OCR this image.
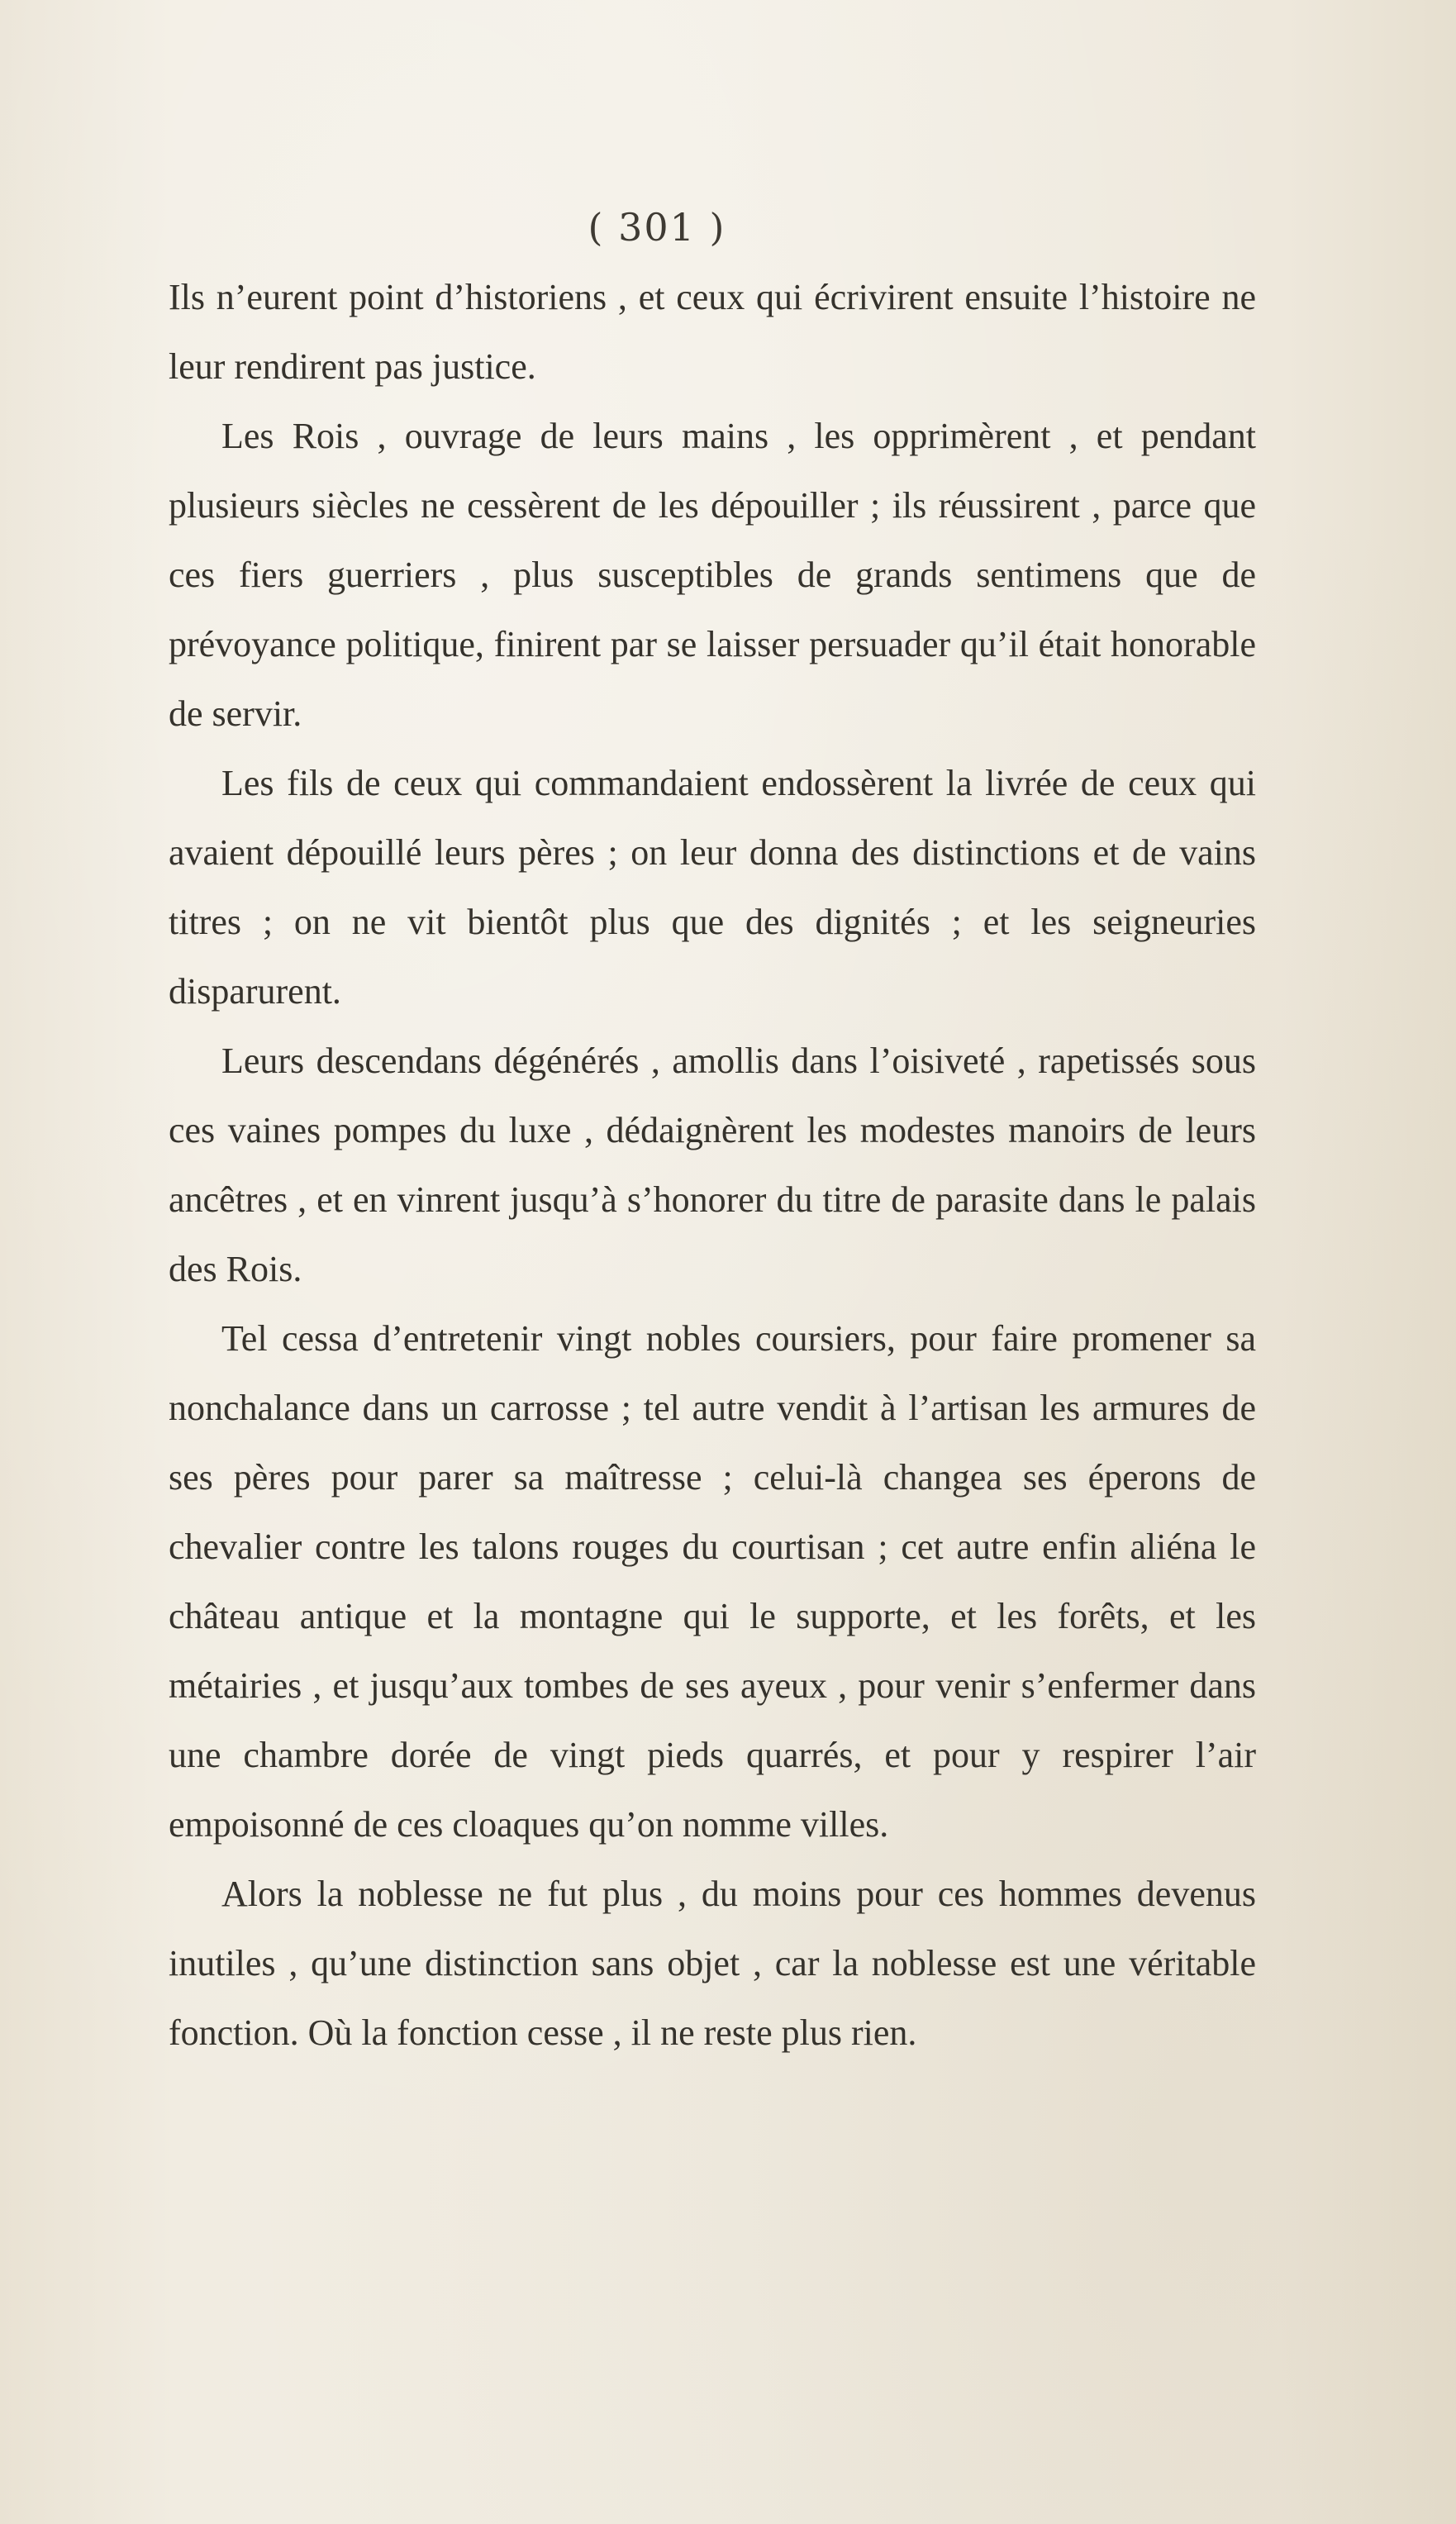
( 301 )

Ils n’eurent point d’historiens , et ceux qui écrivirent ensuite l’histoire ne leur rendirent pas justice.

Les Rois , ouvrage de leurs mains , les opprimèrent , et pendant plusieurs siècles ne cessèrent de les dépouiller ; ils réussirent , parce que ces fiers guerriers , plus susceptibles de grands sentimens que de prévoyance politique, finirent par se laisser persuader qu’il était honorable de servir.

Les fils de ceux qui commandaient endossèrent la livrée de ceux qui avaient dépouillé leurs pères ; on leur donna des distinctions et de vains titres ; on ne vit bientôt plus que des dignités ; et les seigneuries disparurent.

Leurs descendans dégénérés , amollis dans l’oisiveté , rapetissés sous ces vaines pompes du luxe , dédaignèrent les modestes manoirs de leurs ancêtres , et en vinrent jusqu’à s’honorer du titre de parasite dans le palais des Rois.

Tel cessa d’entretenir vingt nobles coursiers, pour faire promener sa nonchalance dans un carrosse ; tel autre vendit à l’artisan les armures de ses pères pour parer sa maîtresse ; celui-là changea ses éperons de chevalier contre les talons rouges du courtisan ; cet autre enfin aliéna le château antique et la montagne qui le supporte, et les forêts, et les métairies , et jusqu’aux tombes de ses ayeux , pour venir s’enfermer dans une chambre dorée de vingt pieds quarrés, et pour y respirer l’air empoisonné de ces cloaques qu’on nomme villes.

Alors la noblesse ne fut plus , du moins pour ces hommes devenus inutiles , qu’une distinction sans objet , car la noblesse est une véritable fonction. Où la fonction cesse , il ne reste plus rien.
